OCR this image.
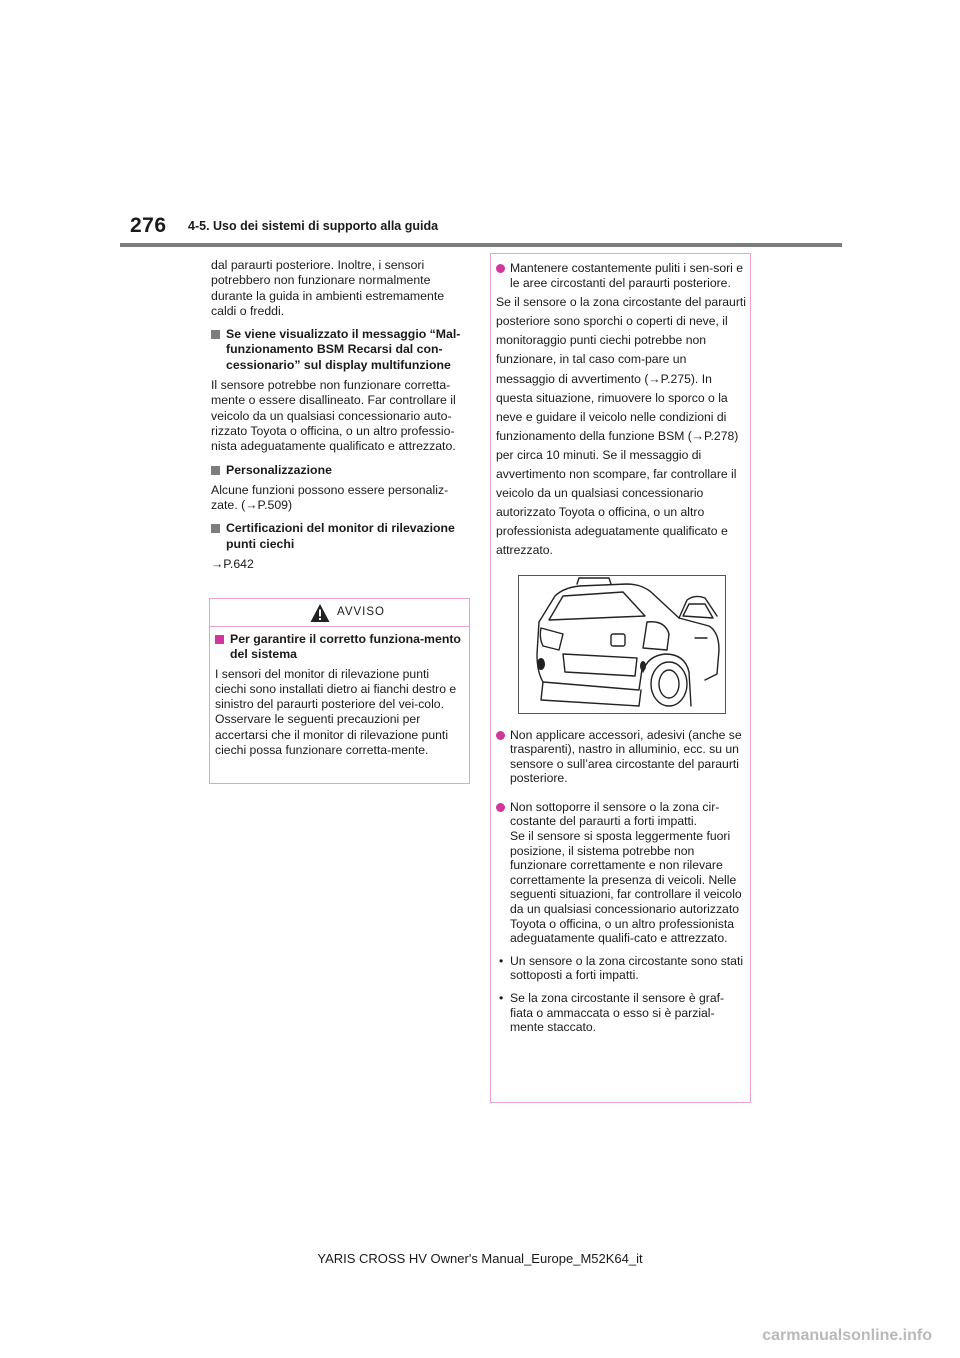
276 4-5. Uso dei sistemi di supporto alla guida

dal paraurti posteriore. Inoltre, i sensori potrebbero non funzionare normalmente durante la guida in ambienti estremamente caldi o freddi.

Se viene visualizzato il messaggio “Mal-funzionamento BSM Recarsi dal con-cessionario” sul display multifunzione

Il sensore potrebbe non funzionare corretta-mente o essere disallineato. Far controllare il veicolo da un qualsiasi concessionario auto-rizzato Toyota o officina, o un altro professio-nista adeguatamente qualificato e attrezzato.

Personalizzazione

Alcune funzioni possono essere personaliz-zate. (→P.509)

Certificazioni del monitor di rilevazione punti ciechi

→P.642

AVVISO
Per garantire il corretto funziona-mento del sistema

I sensori del monitor di rilevazione punti ciechi sono installati dietro ai fianchi destro e sinistro del paraurti posteriore del vei-colo. Osservare le seguenti precauzioni per accertarsi che il monitor di rilevazione punti ciechi possa funzionare corretta-mente.

Mantenere costantemente puliti i sen-sori e le aree circostanti del paraurti posteriore.

Se il sensore o la zona circostante del paraurti posteriore sono sporchi o coperti di neve, il monitoraggio punti ciechi potrebbe non funzionare, in tal caso com-pare un messaggio di avvertimento (→P.275). In questa situazione, rimuovere lo sporco o la neve e guidare il veicolo nelle condizioni di funzionamento della funzione BSM (→P.278) per circa 10 minuti. Se il messaggio di avvertimento non scompare, far controllare il veicolo da un qualsiasi concessionario autorizzato Toyota o officina, o un altro professionista adeguatamente qualificato e attrezzato.

Non applicare accessori, adesivi (anche se trasparenti), nastro in alluminio, ecc. su un sensore o sull’area circostante del paraurti posteriore.
Non sottoporre il sensore o la zona cir-costante del paraurti a forti impatti.

Se il sensore si sposta leggermente fuori posizione, il sistema potrebbe non funzionare correttamente e non rilevare correttamente la presenza di veicoli. Nelle seguenti situazioni, far controllare il veicolo da un qualsiasi concessionario autorizzato Toyota o officina, o un altro professionista adeguatamente qualifi-cato e attrezzato.

• Un sensore o la zona circostante sono stati sottoposti a forti impatti.
• Se la zona circostante il sensore è graf-fiata o ammaccata o esso si è parzial-mente staccato.
YARIS CROSS HV Owner's Manual_Europe_M52K64_it
carmanualsonline.info
